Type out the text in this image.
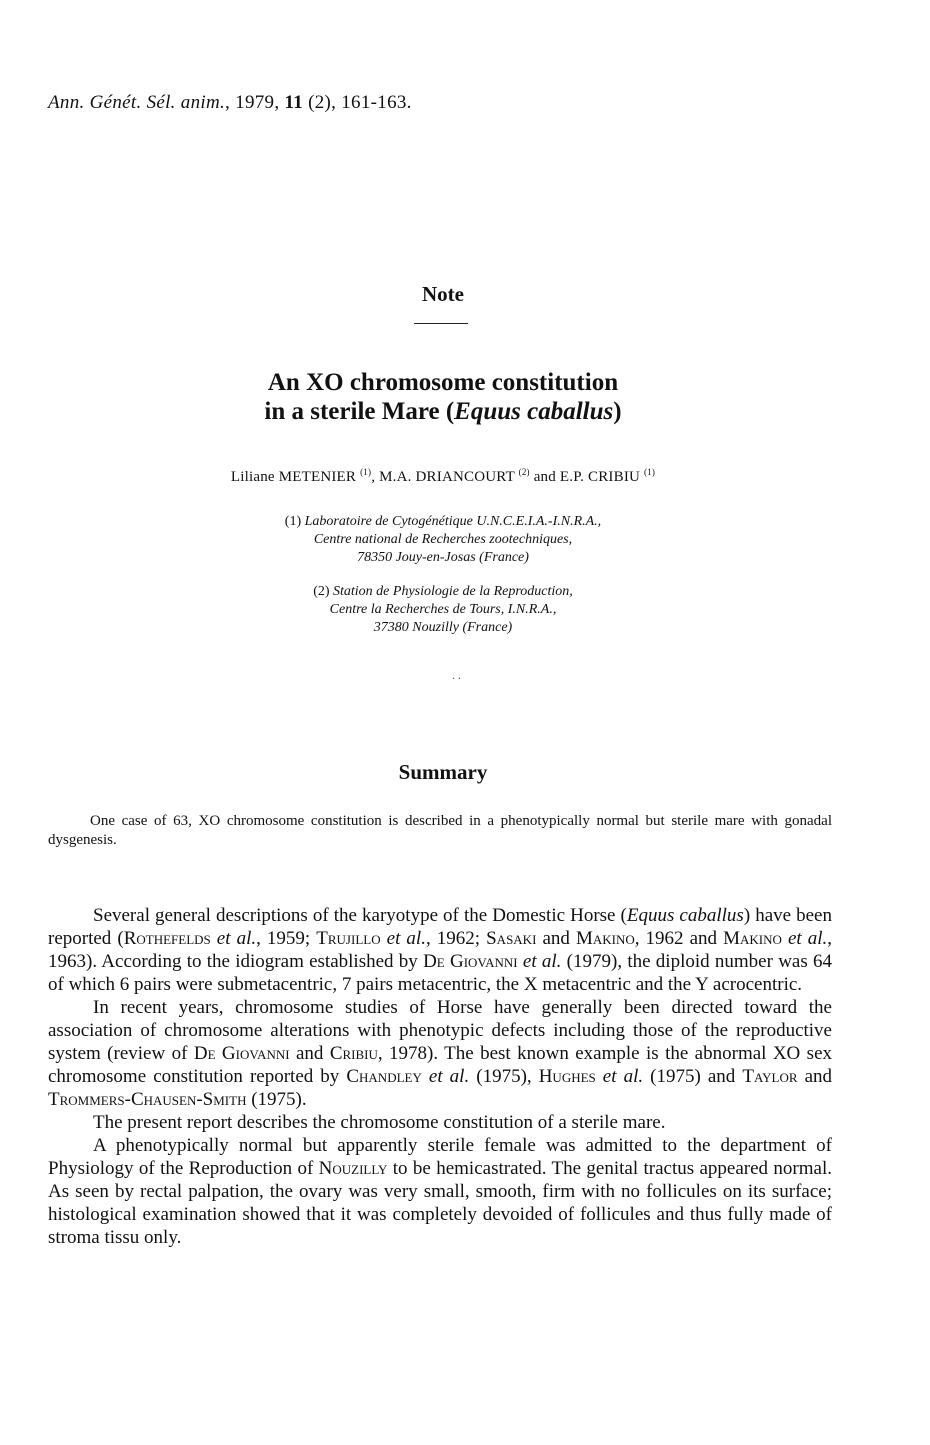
Ann. Génét. Sél. anim., 1979, 11 (2), 161-163.
Note
An XO chromosome constitution
in a sterile Mare (Equus caballus)
Liliane METENIER $^{(1)}$, M.A. DRIANCOURT $^{(2)}$ and E.P. CRIBIU $^{(1)}$
(1) Laboratoire de Cytogénétique U.N.C.E.I.A.-I.N.R.A.,
Centre national de Recherches zootechniques,
78350 Jouy-en-Josas (France)
(2) Station de Physiologie de la Reproduction,
Centre la Recherches de Tours, I.N.R.A.,
37380 Nouzilly (France)
. .
Summary
One case of 63, XO chromosome constitution is described in a phenotypically normal but sterile mare with gonadal dysgenesis.

Several general descriptions of the karyotype of the Domestic Horse (Equus caballus) have been reported (Rothefelds et al., 1959; Trujillo et al., 1962; Sasaki and Makino, 1962 and Makino et al., 1963). According to the idiogram established by De Giovanni et al. (1979), the diploid number was 64 of which 6 pairs were submetacentric, 7 pairs metacentric, the X metacentric and the Y acrocentric.

In recent years, chromosome studies of Horse have generally been directed toward the association of chromosome alterations with phenotypic defects including those of the reproductive system (review of De Giovanni and Cribiu, 1978). The best known example is the abnormal XO sex chromosome constitution reported by Chandley et al. (1975), Hughes et al. (1975) and Taylor and Trommers-Chausen-Smith (1975).

The present report describes the chromosome constitution of a sterile mare.

A phenotypically normal but apparently sterile female was admitted to the department of Physiology of the Reproduction of Nouzilly to be hemicastrated. The genital tractus appeared normal. As seen by rectal palpation, the ovary was very small, smooth, firm with no follicules on its surface; histological examination showed that it was completely devoided of follicules and thus fully made of stroma tissu only.
